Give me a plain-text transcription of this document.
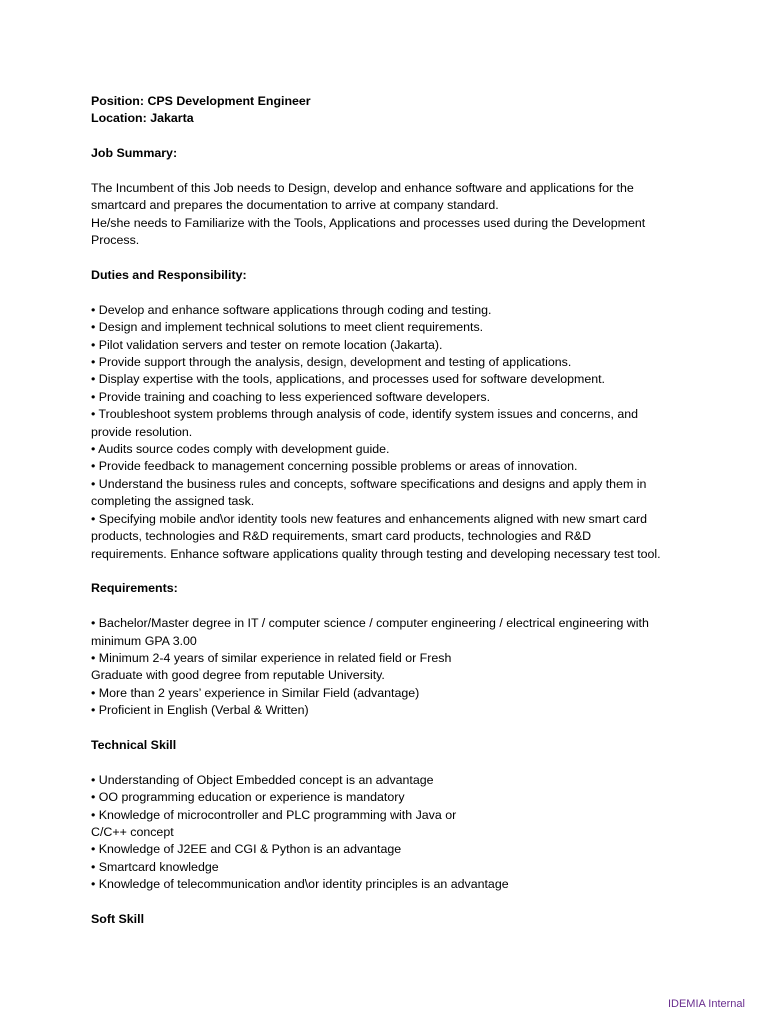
Position: CPS Development Engineer
Location: Jakarta
Job Summary:
The Incumbent of this Job needs to Design, develop and enhance software and applications for the
smartcard and prepares the documentation to arrive at company standard.
He/she needs to Familiarize with the Tools, Applications and processes used during the Development
Process.
Duties and Responsibility:
• Develop and enhance software applications through coding and testing.
• Design and implement technical solutions to meet client requirements.
• Pilot validation servers and tester on remote location (Jakarta).
• Provide support through the analysis, design, development and testing of applications.
• Display expertise with the tools, applications, and processes used for software development.
• Provide training and coaching to less experienced software developers.
• Troubleshoot system problems through analysis of code, identify system issues and concerns, and
provide resolution.
• Audits source codes comply with development guide.
• Provide feedback to management concerning possible problems or areas of innovation.
• Understand the business rules and concepts, software specifications and designs and apply them in
completing the assigned task.
• Specifying mobile and\or identity tools new features and enhancements aligned with new smart card
products, technologies and R&D requirements, smart card products, technologies and R&D
requirements. Enhance software applications quality through testing and developing necessary test tool.
Requirements:
• Bachelor/Master degree in IT / computer science / computer engineering / electrical engineering with
minimum GPA 3.00
• Minimum 2-4 years of similar experience in related field or Fresh
Graduate with good degree from reputable University.
• More than 2 years’ experience in Similar Field (advantage)
• Proficient in English (Verbal & Written)
Technical Skill
• Understanding of Object Embedded concept is an advantage
• OO programming education or experience is mandatory
• Knowledge of microcontroller and PLC programming with Java or
C/C++ concept
• Knowledge of J2EE and CGI & Python is an advantage
• Smartcard knowledge
• Knowledge of telecommunication and\or identity principles is an advantage
Soft Skill
IDEMIA Internal
